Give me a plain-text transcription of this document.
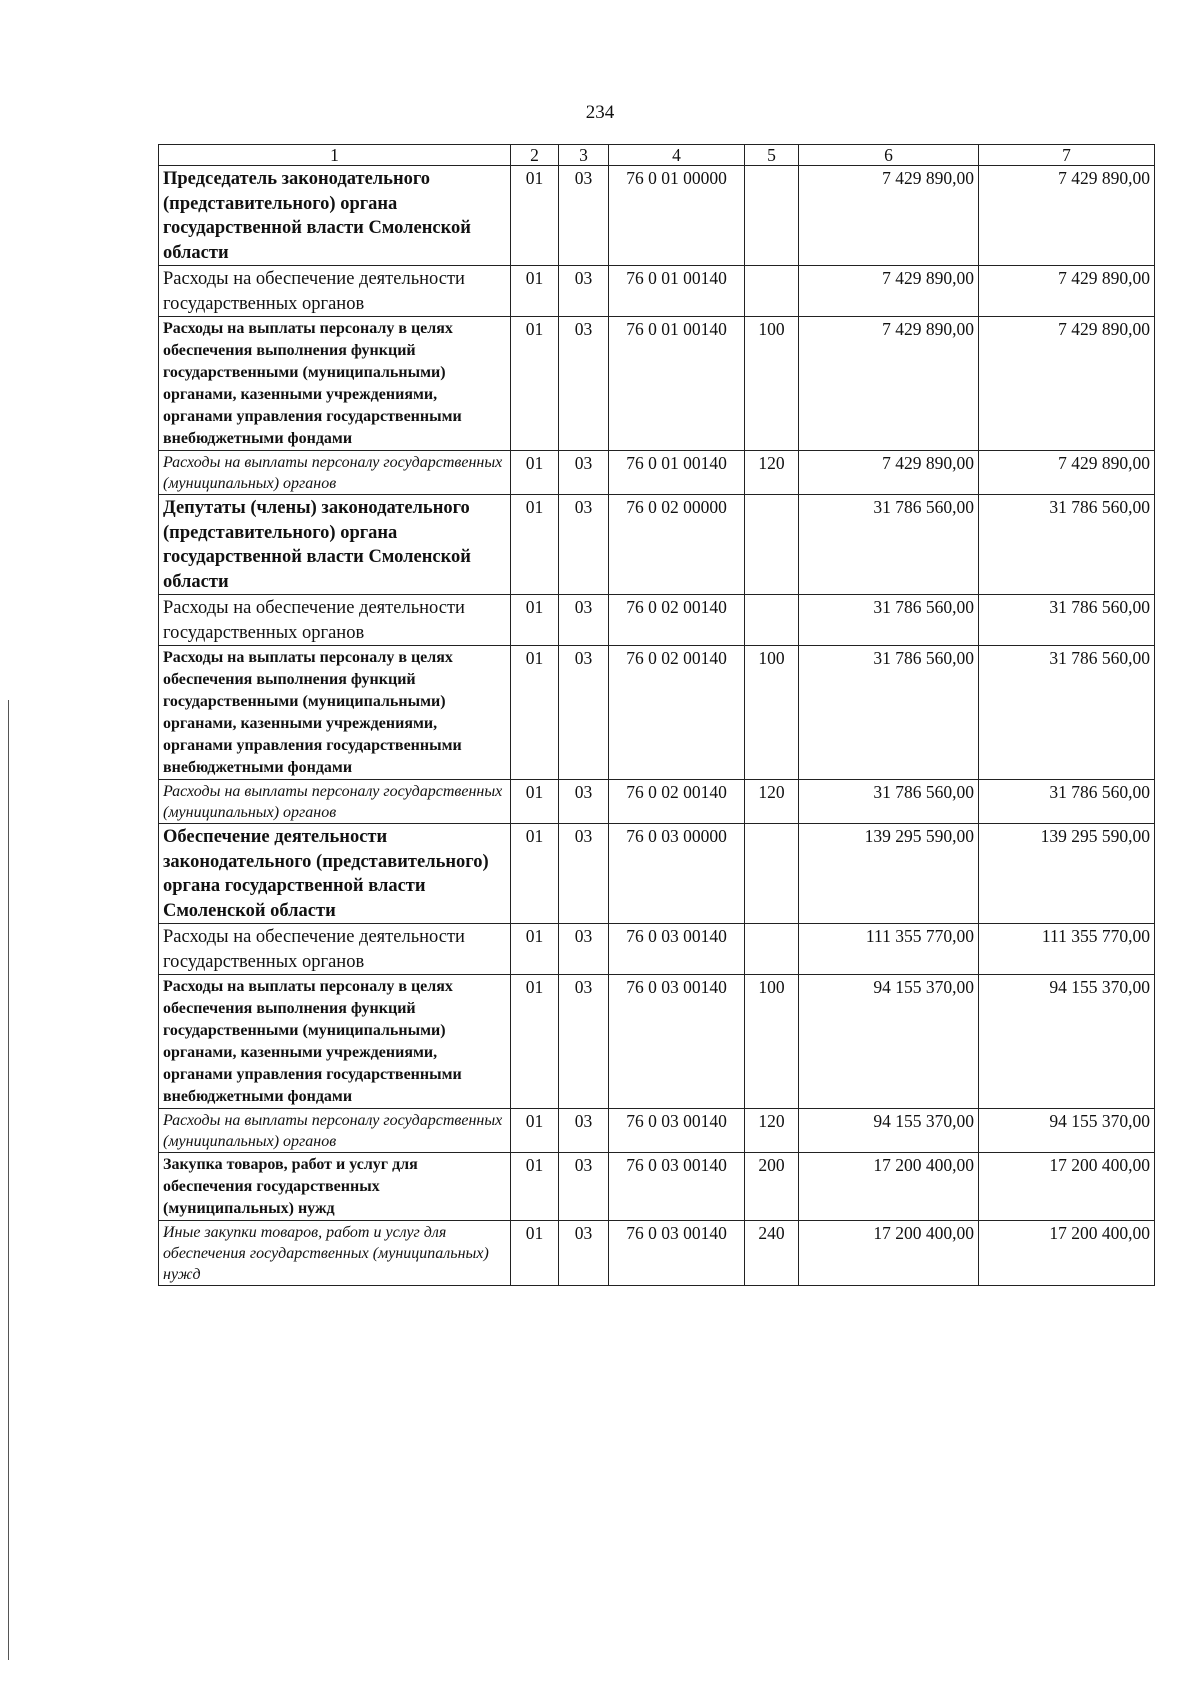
234
1	2	3	4	5	6	7
Председатель законодательного (представительного) органа государственной власти Смоленской области	01	03	76 0 01 00000		7 429 890,00	7 429 890,00
Расходы на обеспечение деятельности государственных органов	01	03	76 0 01 00140		7 429 890,00	7 429 890,00
Расходы на выплаты персоналу в целях обеспечения выполнения функций государственными (муниципальными) органами, казенными учреждениями, органами управления государственными внебюджетными фондами	01	03	76 0 01 00140	100	7 429 890,00	7 429 890,00
Расходы на выплаты персоналу государственных (муниципальных) органов	01	03	76 0 01 00140	120	7 429 890,00	7 429 890,00
Депутаты (члены) законодательного (представительного) органа государственной власти Смоленской области	01	03	76 0 02 00000		31 786 560,00	31 786 560,00
Расходы на обеспечение деятельности государственных органов	01	03	76 0 02 00140		31 786 560,00	31 786 560,00
Расходы на выплаты персоналу в целях обеспечения выполнения функций государственными (муниципальными) органами, казенными учреждениями, органами управления государственными внебюджетными фондами	01	03	76 0 02 00140	100	31 786 560,00	31 786 560,00
Расходы на выплаты персоналу государственных (муниципальных) органов	01	03	76 0 02 00140	120	31 786 560,00	31 786 560,00
Обеспечение деятельности законодательного (представительного) органа государственной власти Смоленской области	01	03	76 0 03 00000		139 295 590,00	139 295 590,00
Расходы на обеспечение деятельности государственных органов	01	03	76 0 03 00140		111 355 770,00	111 355 770,00
Расходы на выплаты персоналу в целях обеспечения выполнения функций государственными (муниципальными) органами, казенными учреждениями, органами управления государственными внебюджетными фондами	01	03	76 0 03 00140	100	94 155 370,00	94 155 370,00
Расходы на выплаты персоналу государственных (муниципальных) органов	01	03	76 0 03 00140	120	94 155 370,00	94 155 370,00
Закупка товаров, работ и услуг для обеспечения государственных (муниципальных) нужд	01	03	76 0 03 00140	200	17 200 400,00	17 200 400,00
Иные закупки товаров, работ и услуг для обеспечения государственных (муниципальных) нужд	01	03	76 0 03 00140	240	17 200 400,00	17 200 400,00
